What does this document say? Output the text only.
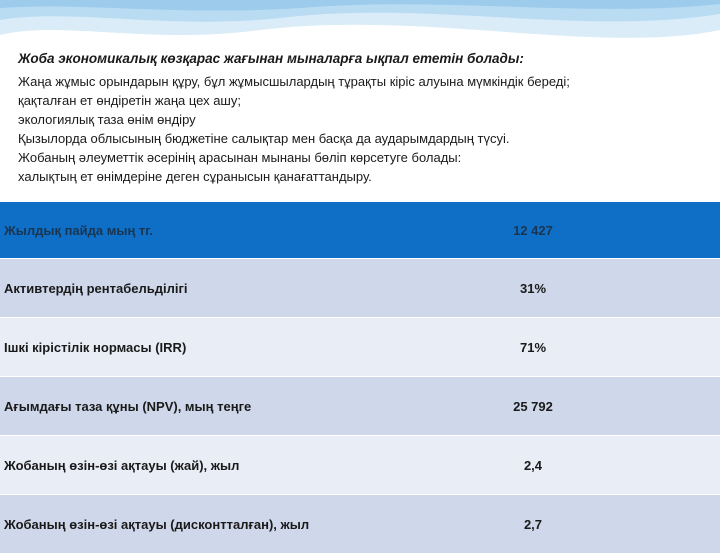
Жоба экономикалық көзқарас жағынан мыналарға ықпал ететін болады:

Жаңа жұмыс орындарын құру, бұл жұмысшылардың тұрақты кіріс алуына мүмкіндік береді;

қақталған ет өндіретін жаңа цех ашу;

экологиялық таза өнім өндіру

Қызылорда облысының бюджетіне салықтар мен басқа да аударымдардың түсуі.

Жобаның әлеуметтік әсерінің арасынан мынаны бөліп көрсетуге болады:

халықтың ет өнімдеріне деген сұранысын қанағаттандыру.

Жылдық пайда мың тг.	12 427
Активтердің рентабельділігі	31%
Ішкі кірістілік нормасы (IRR)	71%
Ағымдағы таза құны (NPV), мың теңге	25 792
Жобаның өзін-өзі ақтауы (жай), жыл	2,4
Жобаның өзін-өзі ақтауы (дисконтталған), жыл	2,7
